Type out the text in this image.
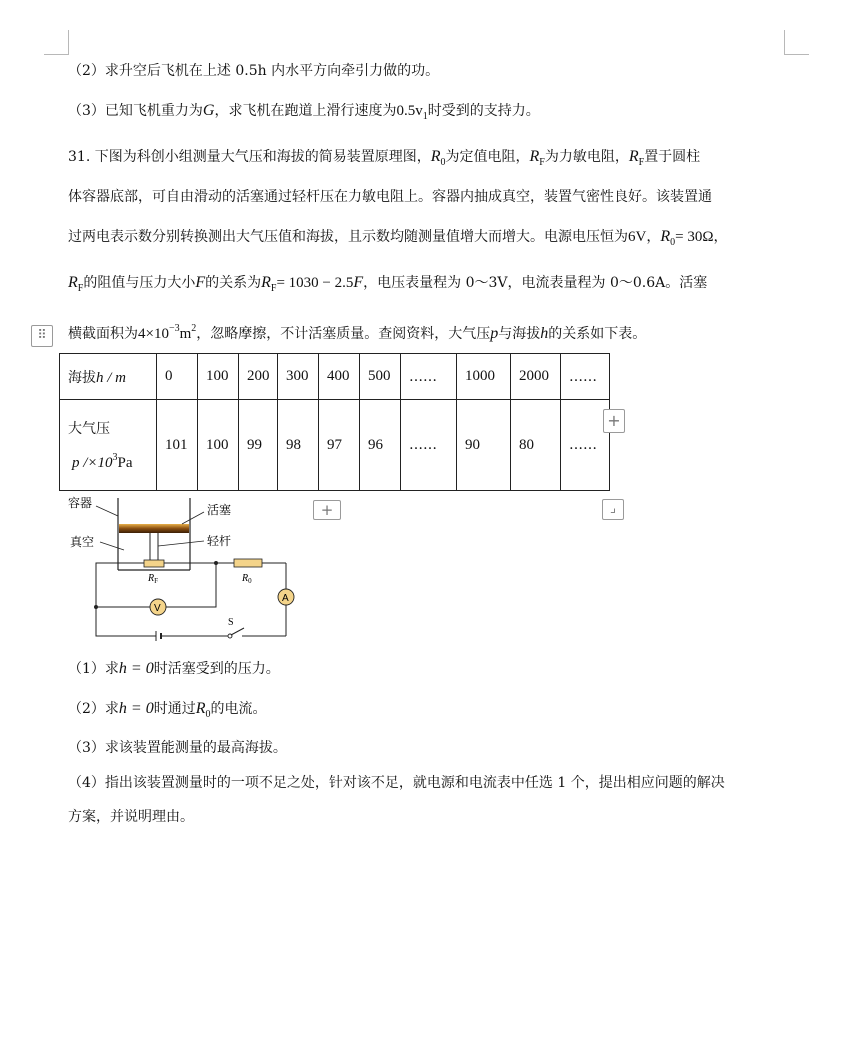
（2）求升空后飞机在上述 0.5h 内水平方向牵引力做的功。
（3）已知飞机重力为G，求飞机在跑道上滑行速度为$0.5v_1$时受到的支持力。
31. 下图为科创小组测量大气压和海拔的简易装置原理图，$R_0$为定值电阻，$R_F$为力敏电阻，$R_F$置于圆柱
体容器底部，可自由滑动的活塞通过轻杆压在力敏电阻上。容器内抽成真空，装置气密性良好。该装置通
过两电表示数分别转换测出大气压值和海拔，且示数均随测量值增大而增大。电源电压恒为6V，$R_0= 30\Omega$，
$R_F$的阻值与压力大小F的关系为$R_F= 1030 - 2.5F$，电压表量程为 0～3V，电流表量程为 0～0.6A。活塞
横截面积为$4\times 10^{-3}m^2$，忽略摩擦，不计活塞质量。查阅资料，大气压p与海拔h的关系如下表。
⠿
海拔h / m	0	100	200	300	400	500	……	1000	2000	……

大气压
p $/\times 10^3Pa$	101	100	99	98	97	96	……	90	80	……
+
+	⌟
容器
真空
活塞
轻杆
$R_F$	$R_0$
V
A
S
（1）求h = 0时活塞受到的压力。
（2）求h = 0时通过$R_0$的电流。
（3）求该装置能测量的最高海拔。
（4）指出该装置测量时的一项不足之处，针对该不足，就电源和电流表中任选 1 个，提出相应问题的解决
方案，并说明理由。
